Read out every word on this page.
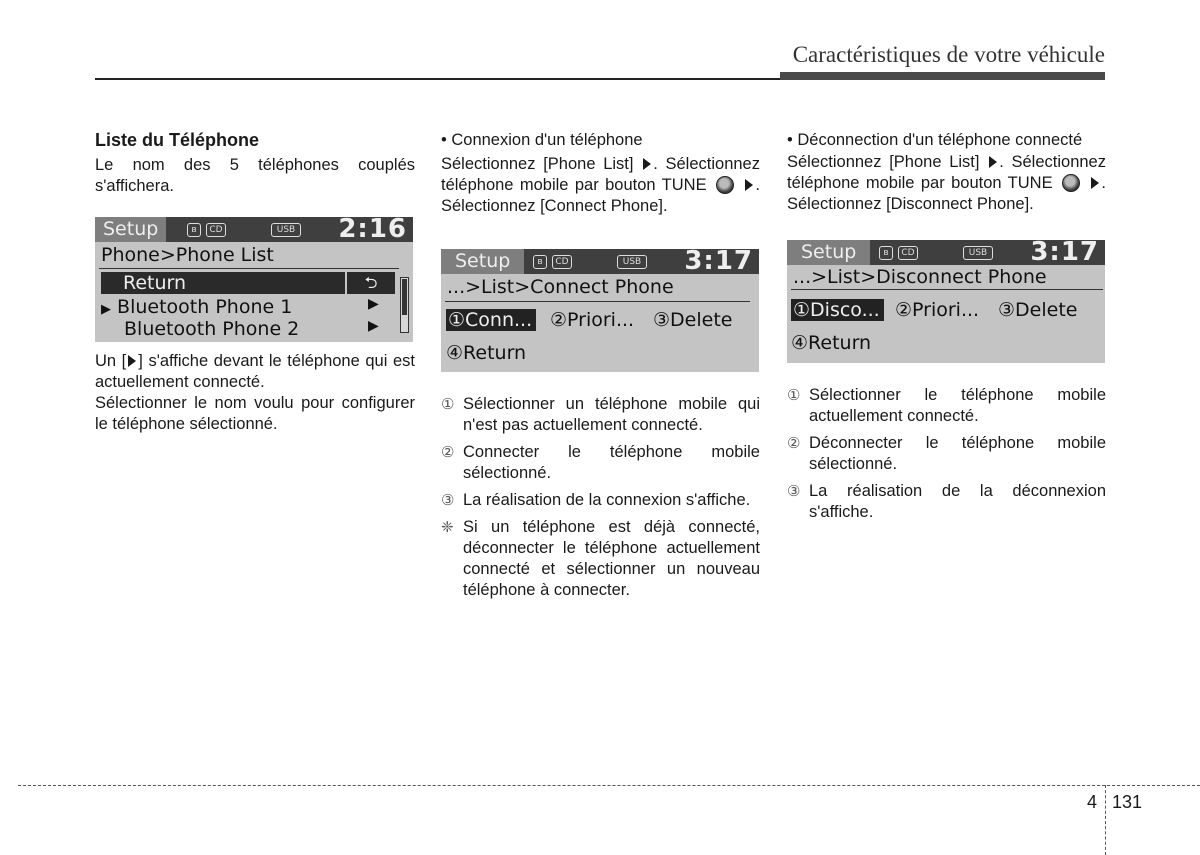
Caractéristiques de votre véhicule
Liste du Téléphone
Le nom des 5 téléphones couplés s'affichera.
Setup	ʙ	CD	USB 2:16
Phone>Phone List
Return	⮌
▶ Bluetooth Phone 1	▶
Bluetooth Phone 2	▶
Un [ ] s'affiche devant le téléphone qui est actuellement connecté.
Sélectionner le nom voulu pour configurer le téléphone sélectionné.
• Connexion d'un téléphone
Sélectionnez [Phone List] . Sélectionnez téléphone mobile par bouton TUNE	. Sélectionnez [Connect Phone].
Setup	ʙ	CD	USB 3:17
...>List>Connect Phone
①Conn... ②Priori... ③Delete
④Return
① Sélectionner un téléphone mobile qui n'est pas actuellement connecté.
② Connecter le téléphone mobile sélectionné.
③ La réalisation de la connexion s'affiche.
❈ Si un téléphone est déjà connecté, déconnecter le téléphone actuellement connecté et sélectionner un nouveau téléphone à connecter.
• Déconnection d'un téléphone connecté
Sélectionnez [Phone List] . Sélectionnez téléphone mobile par bouton TUNE	. Sélectionnez [Disconnect Phone].
Setup	ʙ	CD	USB 3:17
...>List>Disconnect Phone
①Disco... ②Priori... ③Delete
④Return
① Sélectionner le téléphone mobile actuellement connecté.
② Déconnecter le téléphone mobile sélectionné.
③ La réalisation de la déconnexion s'affiche.
4 131
